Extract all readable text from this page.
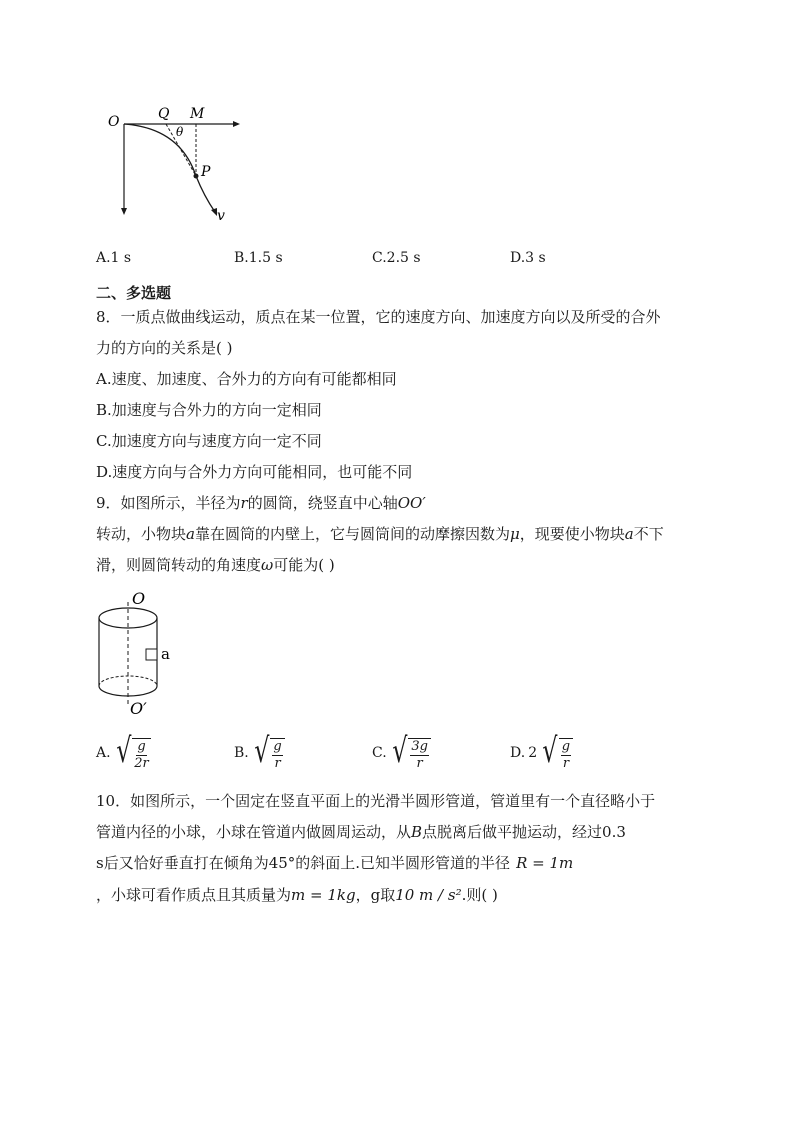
O	Q M
θ
P
v
A.1 s	B.1.5 s	C.2.5 s	D.3 s
二、多选题
8．一质点做曲线运动，质点在某一位置，它的速度方向、加速度方向以及所受的合外
力的方向的关系是( )
A.速度、加速度、合外力的方向有可能都相同
B.加速度与合外力的方向一定相同
C.加速度方向与速度方向一定不同
D.速度方向与合外力方向可能相同，也可能不同
9．如图所示，半径为r的圆筒，绕竖直中心轴OO′
转动，小物块a靠在圆筒的内壁上，它与圆筒间的动摩擦因数为μ，现要使小物块a不下
滑，则圆筒转动的角速度ω可能为( )
O
a
O′
A. √ g
2r
B. √ g
r
C. √ 3g
r
D. 2 √ g
r
10．如图所示，一个固定在竖直平面上的光滑半圆形管道，管道里有一个直径略小于
管道内径的小球，小球在管道内做圆周运动，从B点脱离后做平抛运动，经过0.3
s后又恰好垂直打在倾角为45°的斜面上.已知半圆形管道的半径 R = 1m
，小球可看作质点且其质量为m = 1kg，g取10 m / s².则( )
